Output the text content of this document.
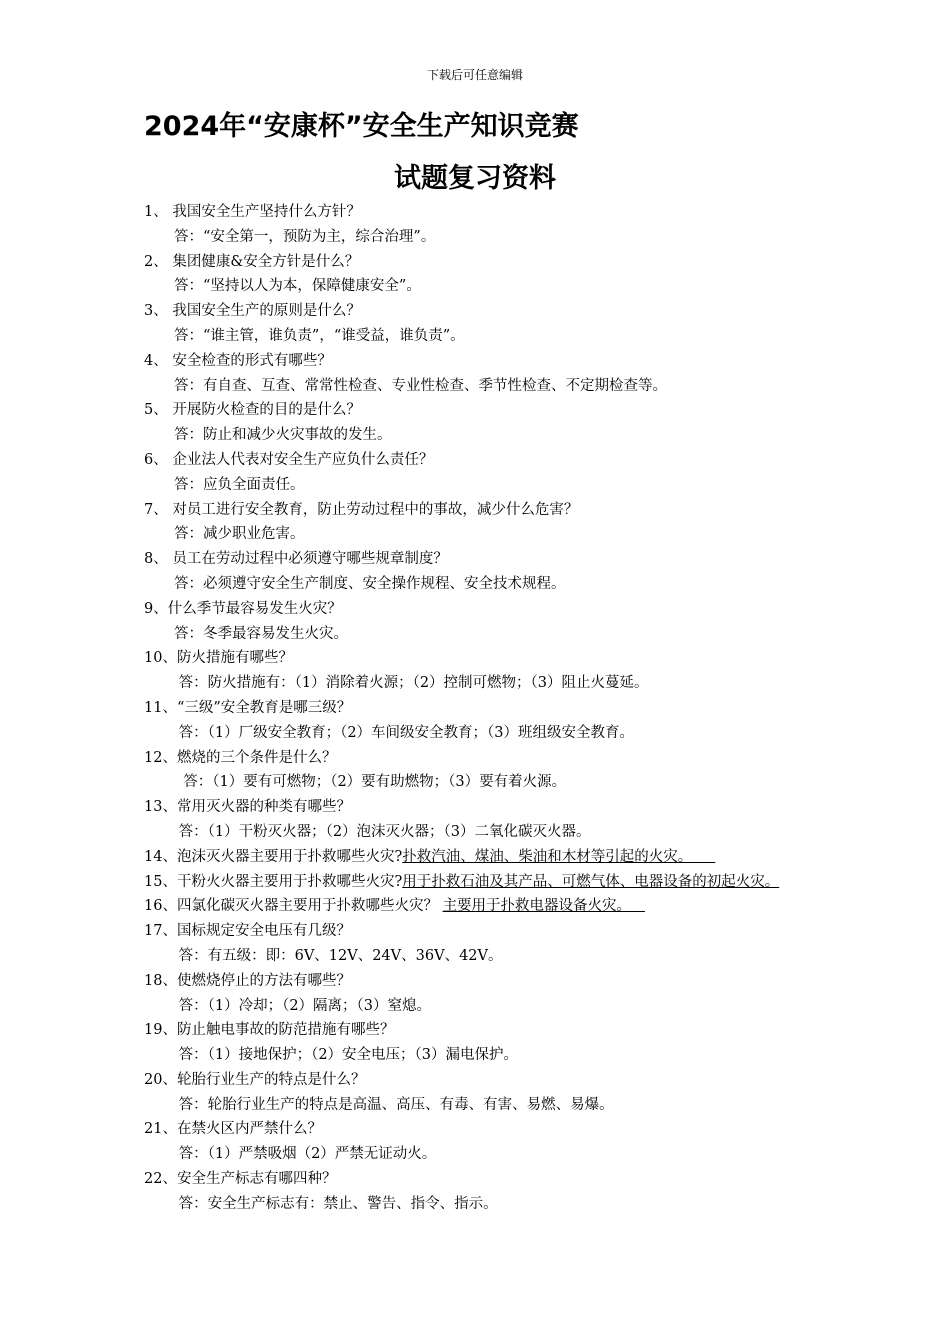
下载后可任意编辑
2024年“安康杯”安全生产知识竞赛
试题复习资料
1、 我国安全生产坚持什么方针？
答：“安全第一，预防为主，综合治理”。
2、 集团健康&安全方针是什么？
答：“坚持以人为本，保障健康安全”。
3、 我国安全生产的原则是什么？
答：“谁主管，谁负责”，“谁受益，谁负责”。
4、 安全检查的形式有哪些？
答：有自查、互查、常常性检查、专业性检查、季节性检查、不定期检查等。
5、 开展防火检查的目的是什么？
答：防止和减少火灾事故的发生。
6、 企业法人代表对安全生产应负什么责任？
答：应负全面责任。
7、 对员工进行安全教育，防止劳动过程中的事故，减少什么危害？
答：减少职业危害。
8、 员工在劳动过程中必须遵守哪些规章制度？
答：必须遵守安全生产制度、安全操作规程、安全技术规程。
9、什么季节最容易发生火灾？
答：冬季最容易发生火灾。
10、防火措施有哪些？
答：防火措施有：（1）消除着火源；（2）控制可燃物；（3）阻止火蔓延。
11、“三级”安全教育是哪三级？
答：（1）厂级安全教育；（2）车间级安全教育；（3）班组级安全教育。
12、燃烧的三个条件是什么？
答：（1）要有可燃物；（2）要有助燃物；（3）要有着火源。
13、常用灭火器的种类有哪些？
答：（1）干粉灭火器；（2）泡沫灭火器；（3）二氧化碳灭火器。
14、泡沫灭火器主要用于扑救哪些火灾?扑救汽油、煤油、柴油和木材等引起的火灾。
15、干粉火火器主要用于扑救哪些火灾?用于扑救石油及其产品、可燃气体、电器设备的初起火灾。
16、四氯化碳灭火器主要用于扑救哪些火灾？ 主要用于扑救电器设备火灾。
17、国标规定安全电压有几级？
答：有五级：即：6V、12V、24V、36V、42V。
18、使燃烧停止的方法有哪些？
答：（1）冷却；（2）隔离；（3）窒熄。
19、防止触电事故的防范措施有哪些？
答：（1）接地保护；（2）安全电压；（3）漏电保护。
20、轮胎行业生产的特点是什么？
答：轮胎行业生产的特点是高温、高压、有毒、有害、易燃、易爆。
21、在禁火区内严禁什么？
答：（1）严禁吸烟（2）严禁无证动火。
22、安全生产标志有哪四种？
答：安全生产标志有：禁止、警告、指令、指示。
